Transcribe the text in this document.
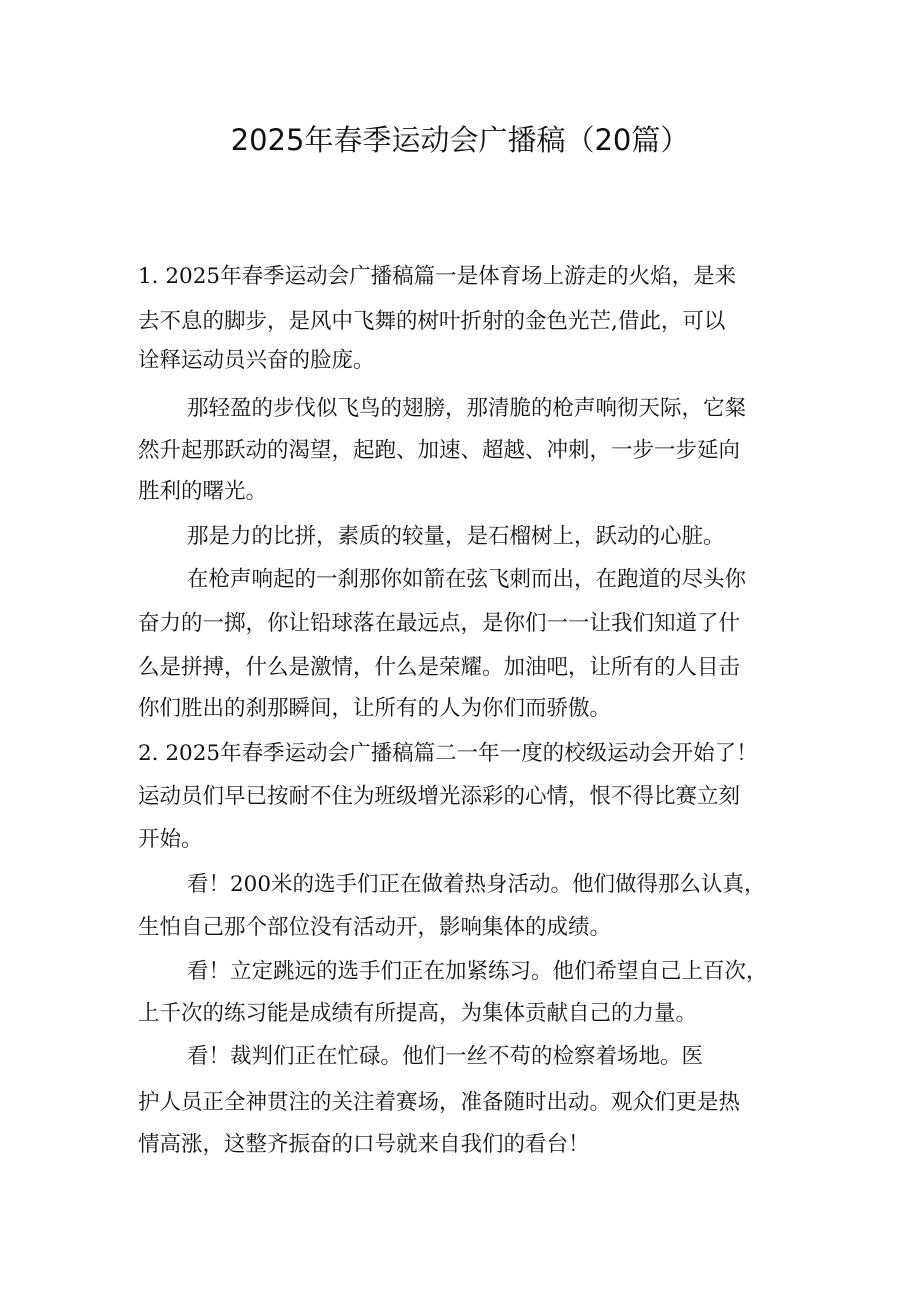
2025年春季运动会广播稿（20篇）
1. 2025年春季运动会广播稿篇一是体育场上游走的火焰，是来
去不息的脚步，是风中飞舞的树叶折射的金色光芒,借此，可以
诠释运动员兴奋的脸庞。
那轻盈的步伐似飞鸟的翅膀，那清脆的枪声响彻天际，它粲
然升起那跃动的渴望，起跑、加速、超越、冲刺，一步一步延向
胜利的曙光。
那是力的比拼，素质的较量，是石榴树上，跃动的心脏。
在枪声响起的一刹那你如箭在弦飞刺而出，在跑道的尽头你
奋力的一掷，你让铅球落在最远点，是你们一一让我们知道了什
么是拼搏，什么是激情，什么是荣耀。加油吧，让所有的人目击
你们胜出的刹那瞬间，让所有的人为你们而骄傲。
2. 2025年春季运动会广播稿篇二一年一度的校级运动会开始了！
运动员们早已按耐不住为班级增光添彩的心情，恨不得比赛立刻
开始。
看！200米的选手们正在做着热身活动。他们做得那么认真，
生怕自己那个部位没有活动开，影响集体的成绩。
看！立定跳远的选手们正在加紧练习。他们希望自己上百次，
上千次的练习能是成绩有所提高，为集体贡献自己的力量。
看！裁判们正在忙碌。他们一丝不苟的检察着场地。医
护人员正全神贯注的关注着赛场，准备随时出动。观众们更是热
情高涨，这整齐振奋的口号就来自我们的看台！
